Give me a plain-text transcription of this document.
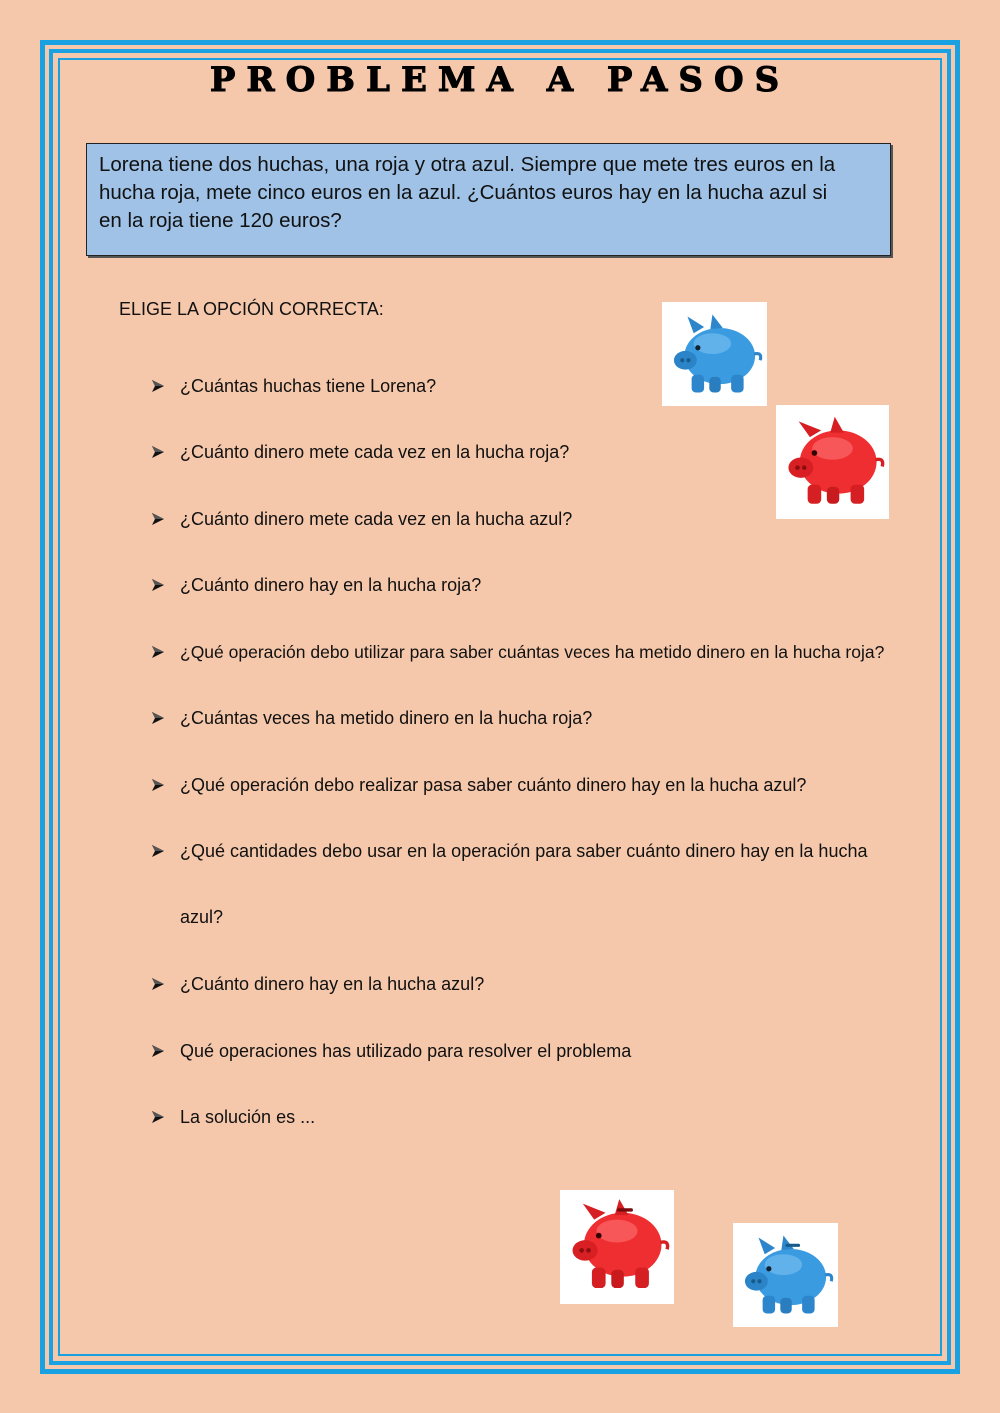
PROBLEMA A PASOS
Lorena tiene dos huchas, una roja y otra azul. Siempre que mete tres euros en la
hucha roja, mete cinco euros en la azul. ¿Cuántos euros hay en la hucha azul si
en la roja tiene 120 euros?
ELIGE LA OPCIÓN CORRECTA:
¿Cuántas huchas tiene Lorena?
¿Cuánto dinero mete cada vez en la hucha roja?
¿Cuánto dinero mete cada vez en la hucha azul?
¿Cuánto dinero hay en la hucha roja?
¿Qué operación debo utilizar para saber cuántas veces ha metido dinero en la hucha roja?
¿Cuántas veces ha metido dinero en la hucha roja?
¿Qué operación debo realizar pasa saber cuánto dinero hay en la hucha azul?
¿Qué cantidades debo usar en la operación para saber cuánto dinero hay en la hucha
azul?
¿Cuánto dinero hay en la hucha azul?
Qué operaciones has utilizado para resolver el problema
La solución es ...
